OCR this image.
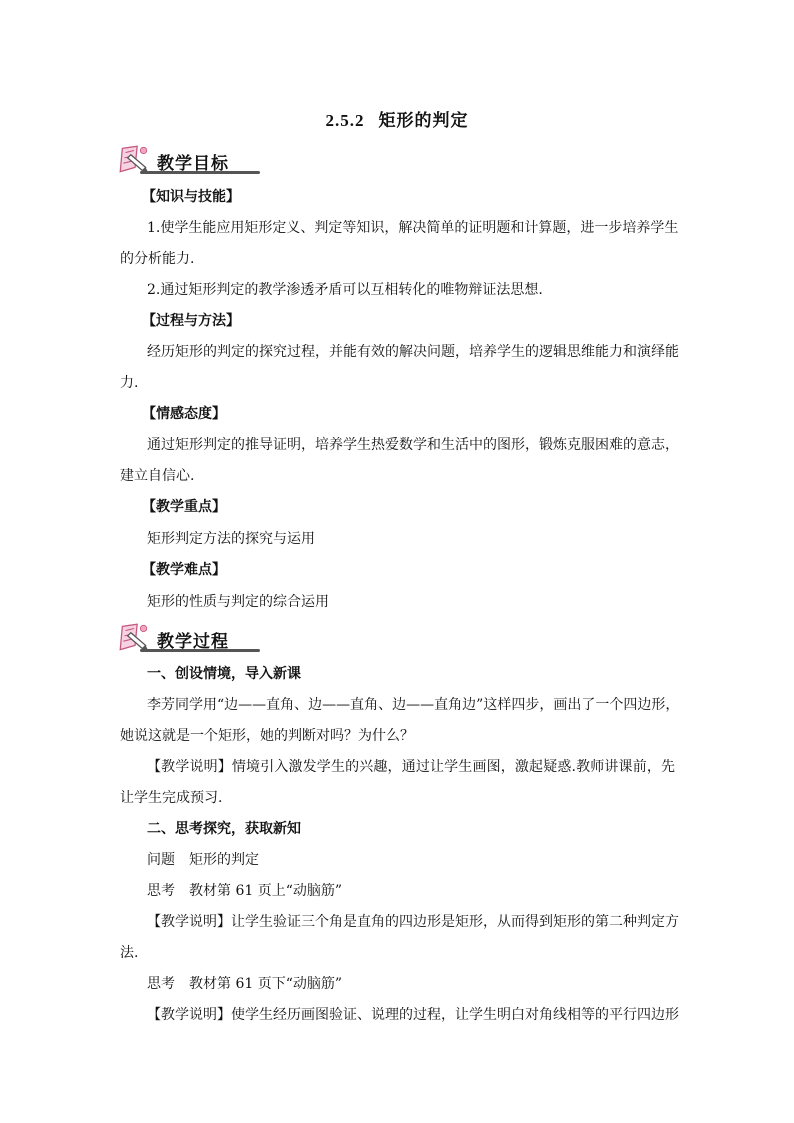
2.5.2 矩形的判定
教学目标
【知识与技能】
1.使学生能应用矩形定义、判定等知识，解决简单的证明题和计算题，进一步培养学生
的分析能力.
2.通过矩形判定的教学渗透矛盾可以互相转化的唯物辩证法思想.
【过程与方法】
经历矩形的判定的探究过程，并能有效的解决问题，培养学生的逻辑思维能力和演绎能
力.
【情感态度】
通过矩形判定的推导证明，培养学生热爱数学和生活中的图形，锻炼克服困难的意志，
建立自信心.
【教学重点】
矩形判定方法的探究与运用
【教学难点】
矩形的性质与判定的综合运用
教学过程
一、创设情境，导入新课
李芳同学用“边——直角、边——直角、边——直角边”这样四步，画出了一个四边形，
她说这就是一个矩形，她的判断对吗？为什么？
【教学说明】情境引入激发学生的兴趣，通过让学生画图，激起疑惑.教师讲课前，先
让学生完成预习.
二、思考探究，获取新知
问题 矩形的判定
思考 教材第 61 页上“动脑筋”
【教学说明】让学生验证三个角是直角的四边形是矩形，从而得到矩形的第二种判定方
法.
思考 教材第 61 页下“动脑筋”
【教学说明】使学生经历画图验证、说理的过程，让学生明白对角线相等的平行四边形
